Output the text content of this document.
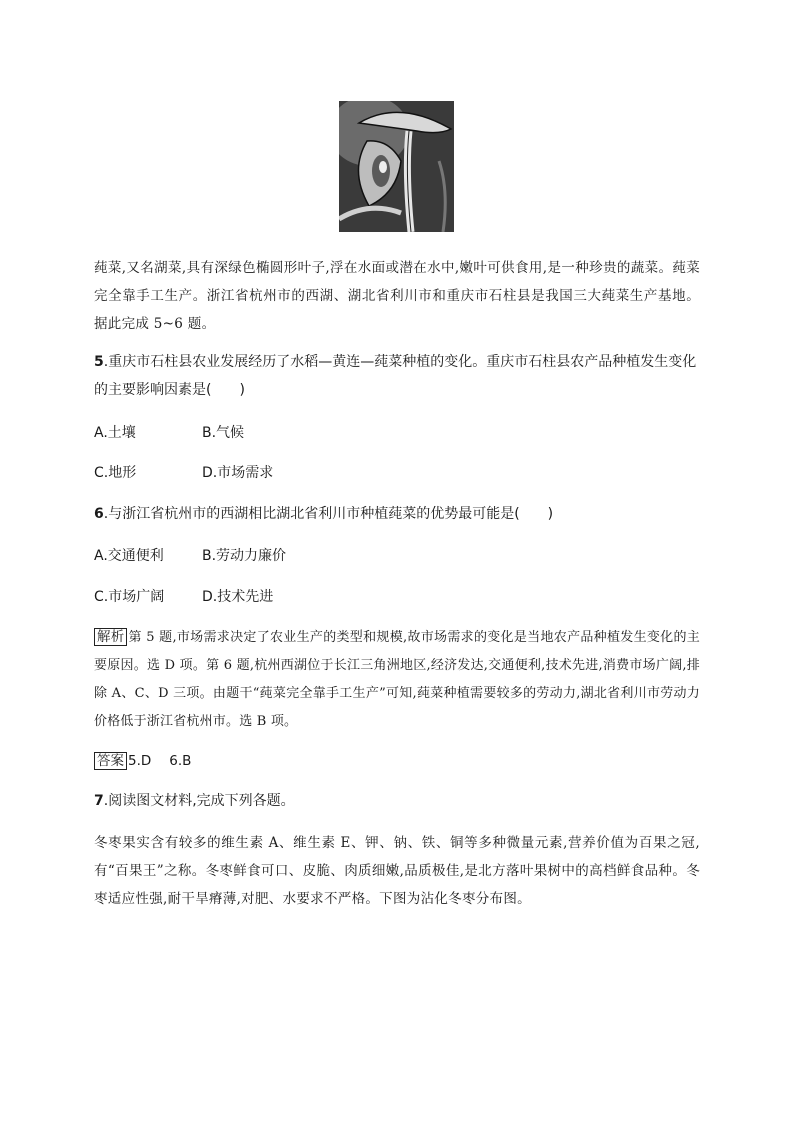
莼菜,又名湖菜,具有深绿色椭圆形叶子,浮在水面或潜在水中,嫩叶可供食用,是一种珍贵的蔬菜。莼菜完全靠手工生产。浙江省杭州市的西湖、湖北省利川市和重庆市石柱县是我国三大莼菜生产基地。据此完成 5~6 题。
5.重庆市石柱县农业发展经历了水稻—黄连—莼菜种植的变化。重庆市石柱县农产品种植发生变化的主要影响因素是(　　)
A.土壤	B.气候
C.地形	D.市场需求
6.与浙江省杭州市的西湖相比湖北省利川市种植莼菜的优势最可能是(　　)
A.交通便利	B.劳动力廉价
C.市场广阔	D.技术先进
解析 第 5 题,市场需求决定了农业生产的类型和规模,故市场需求的变化是当地农产品种植发生变化的主要原因。选 D 项。第 6 题,杭州西湖位于长江三角洲地区,经济发达,交通便利,技术先进,消费市场广阔,排除 A、C、D 三项。由题干“莼菜完全靠手工生产”可知,莼菜种植需要较多的劳动力,湖北省利川市劳动力价格低于浙江省杭州市。选 B 项。
答案 5.D 6.B
7.阅读图文材料,完成下列各题。
冬枣果实含有较多的维生素 A、维生素 E、钾、钠、铁、铜等多种微量元素,营养价值为百果之冠,有“百果王”之称。冬枣鲜食可口、皮脆、肉质细嫩,品质极佳,是北方落叶果树中的高档鲜食品种。冬枣适应性强,耐干旱瘠薄,对肥、水要求不严格。下图为沾化冬枣分布图。
